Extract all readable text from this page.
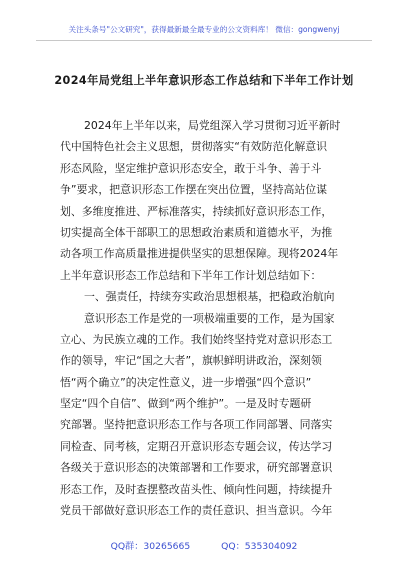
关注头条号"公文研究"，获得最新最全最专业的公文资料库！ 微信：gongwenyj
2024年局党组上半年意识形态工作总结和下半年工作计划
2024年上半年以来，局党组深入学习贯彻习近平新时
代中国特色社会主义思想，贯彻落实“有效防范化解意识
形态风险，坚定维护意识形态安全，敢于斗争、善于斗
争”要求，把意识形态工作摆在突出位置，坚持高站位谋
划、多维度推进、严标准落实，持续抓好意识形态工作，
切实提高全体干部职工的思想政治素质和道德水平，为推
动各项工作高质量推进提供坚实的思想保障。现将2024年
上半年意识形态工作总结和下半年工作计划总结如下：
一、强责任，持续夯实政治思想根基，把稳政治航向
意识形态工作是党的一项极端重要的工作，是为国家
立心、为民族立魂的工作。我们始终坚持党对意识形态工
作的领导，牢记“国之大者”，旗帜鲜明讲政治，深刻领
悟“两个确立”的决定性意义，进一步增强“四个意识”
坚定“四个自信”、做到“两个维护”。一是及时专题研
究部署。坚持把意识形态工作与各项工作同部署、同落实
同检查、同考核，定期召开意识形态专题会议，传达学习
各级关于意识形态的决策部署和工作要求，研究部署意识
形态工作，及时查摆整改苗头性、倾向性问题，持续提升
党员干部做好意识形态工作的责任意识、担当意识。今年
QQ群：30265665	QQ：535304092
